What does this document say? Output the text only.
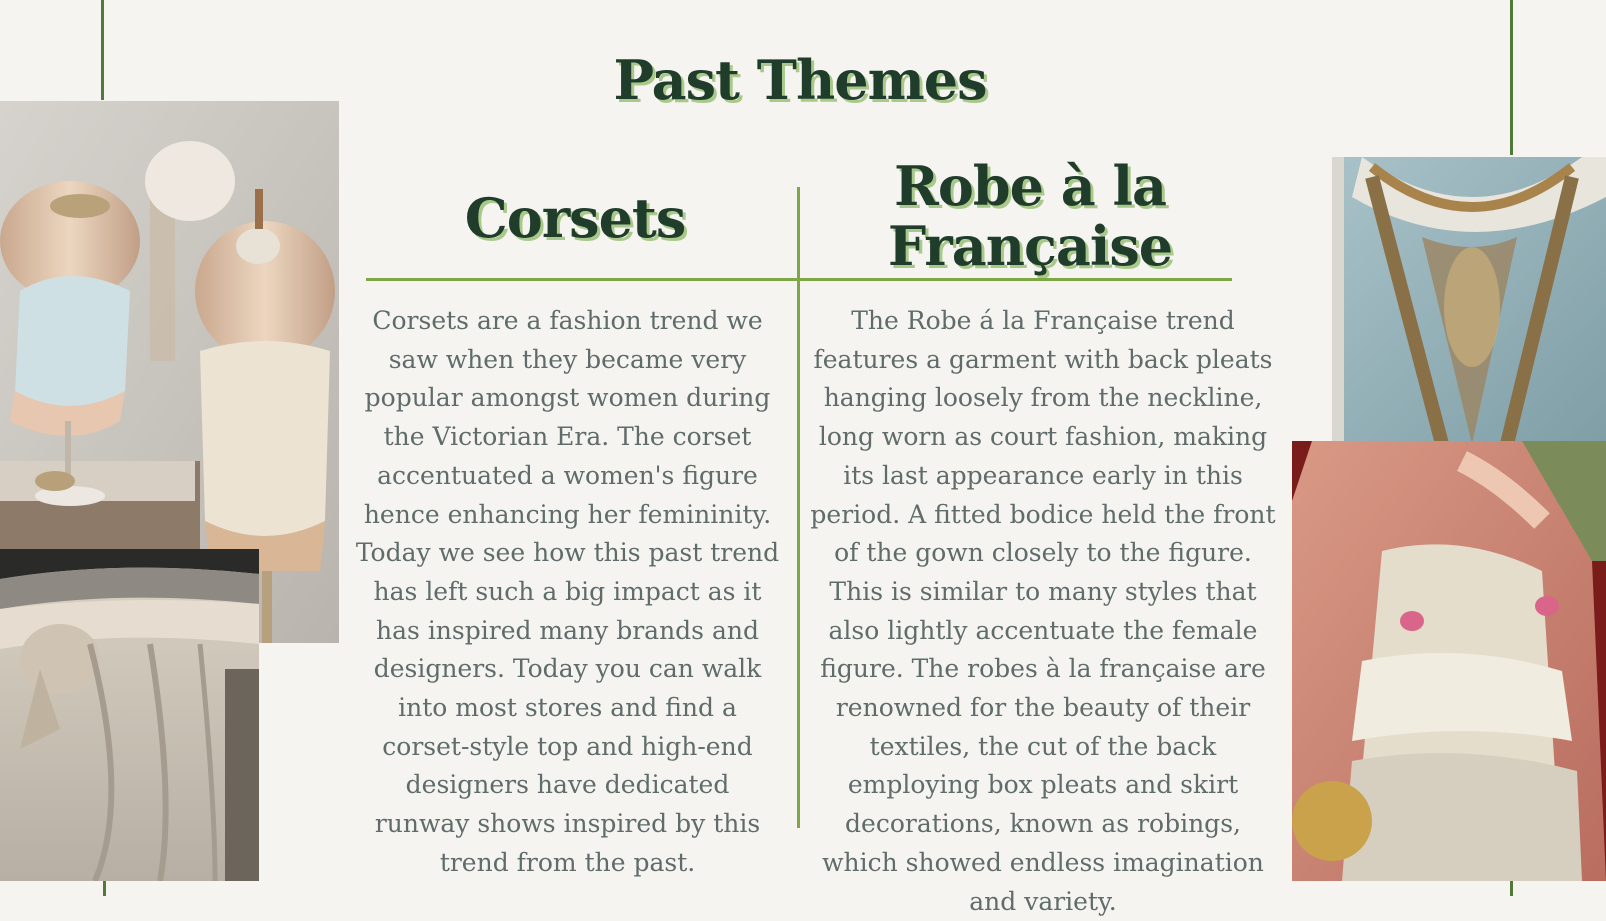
Past Themes
Corsets	Robe à la Française
Corsets are a fashion trend we saw when they became very popular amongst women during the Victorian Era. The corset accentuated a women's figure hence enhancing her femininity. Today we see how this past trend has left such a big impact as it has inspired many brands and designers. Today you can walk into most stores and find a corset-style top and high-end designers have dedicated runway shows inspired by this trend from the past.
The Robe á la Française trend features a garment with back pleats hanging loosely from the neckline, long worn as court fashion, making its last appearance early in this period. A fitted bodice held the front of the gown closely to the figure. This is similar to many styles that also lightly accentuate the female figure. The robes à la française are renowned for the beauty of their textiles, the cut of the back employing box pleats and skirt decorations, known as robings, which showed endless imagination and variety.
